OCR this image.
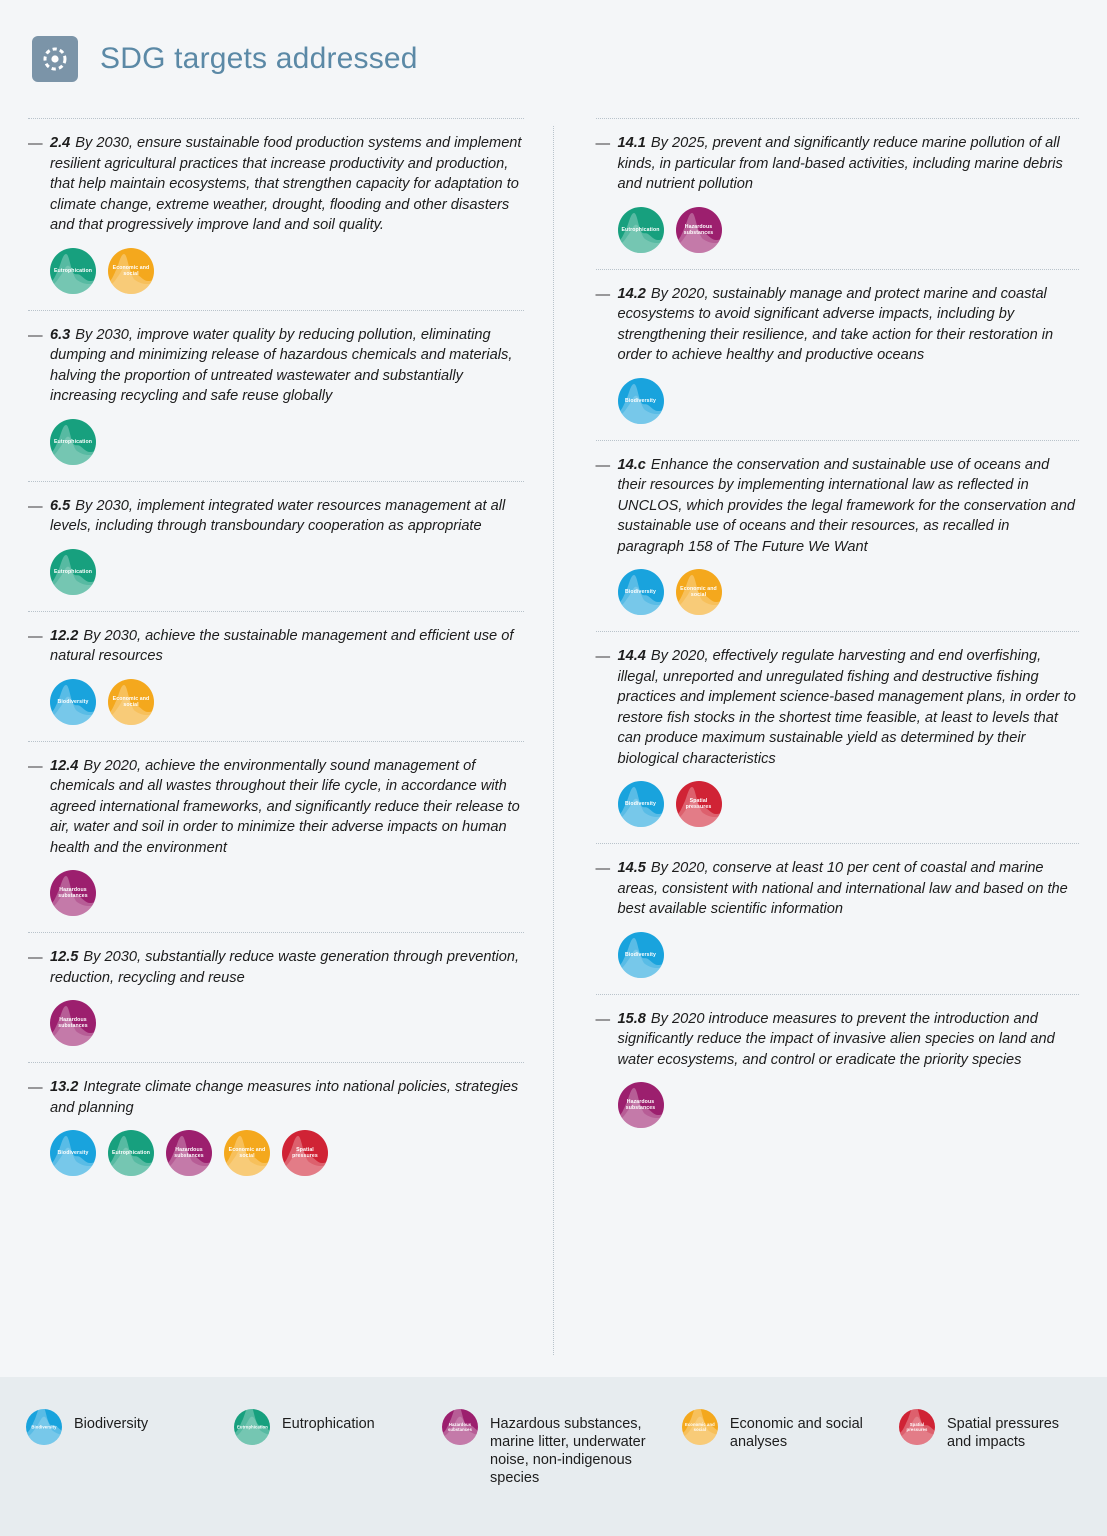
SDG targets addressed
— 2.4 By 2030, ensure sustainable food production systems and implement resilient agricultural practices that increase productivity and production, that help maintain ecosystems, that strengthen capacity for adaptation to climate change, extreme weather, drought, flooding and other disasters and that progressively improve land and soil quality.
Eutrophication	Economic and social
— 6.3 By 2030, improve water quality by reducing pollution, eliminating dumping and minimizing release of hazardous chemicals and materials, halving the proportion of untreated wastewater and substantially increasing recycling and safe reuse globally
Eutrophication
— 6.5 By 2030, implement integrated water resources management at all levels, including through transboundary cooperation as appropriate
Eutrophication
— 12.2 By 2030, achieve the sustainable management and efficient use of natural resources
Biodiversity	Economic and social
— 12.4 By 2020, achieve the environmentally sound management of chemicals and all wastes throughout their life cycle, in accordance with agreed international frameworks, and significantly reduce their release to air, water and soil in order to minimize their adverse impacts on human health and the environment
Hazardous substances
— 12.5 By 2030, substantially reduce waste generation through prevention, reduction, recycling and reuse
Hazardous substances
— 13.2 Integrate climate change measures into national policies, strategies and planning
Biodiversity	Eutrophication	Hazardous substances
Economic and social
Spatial pressures
— 14.1 By 2025, prevent and significantly reduce marine pollution of all kinds, in particular from land-based activities, including marine debris and nutrient pollution
Eutrophication	Hazardous substances
— 14.2 By 2020, sustainably manage and protect marine and coastal ecosystems to avoid significant adverse impacts, including by strengthening their resilience, and take action for their restoration in order to achieve healthy and productive oceans
Biodiversity
— 14.c Enhance the conservation and sustainable use of oceans and their resources by implementing international law as reflected in UNCLOS, which provides the legal framework for the conservation and sustainable use of oceans and their resources, as recalled in paragraph 158 of The Future We Want
Biodiversity	Economic and social
— 14.4 By 2020, effectively regulate harvesting and end overfishing, illegal, unreported and unregulated fishing and destructive fishing practices and implement science-based management plans, in order to restore fish stocks in the shortest time feasible, at least to levels that can produce maximum sustainable yield as determined by their biological characteristics
Biodiversity	Spatial pressures
— 14.5 By 2020, conserve at least 10 per cent of coastal and marine areas, consistent with national and international law and based on the best available scientific information
Biodiversity
— 15.8 By 2020 introduce measures to prevent the introduction and significantly reduce the impact of invasive alien species on land and water ecosystems, and control or eradicate the priority species
Hazardous substances
Biodiversity	Biodiversity	Eutrophication Eutrophication	Hazardous substances	Hazardous substances, marine litter, underwater noise, non-indigenous species
Economic and social	Economic and social analyses
Spatial pressures	Spatial pressures and impacts
